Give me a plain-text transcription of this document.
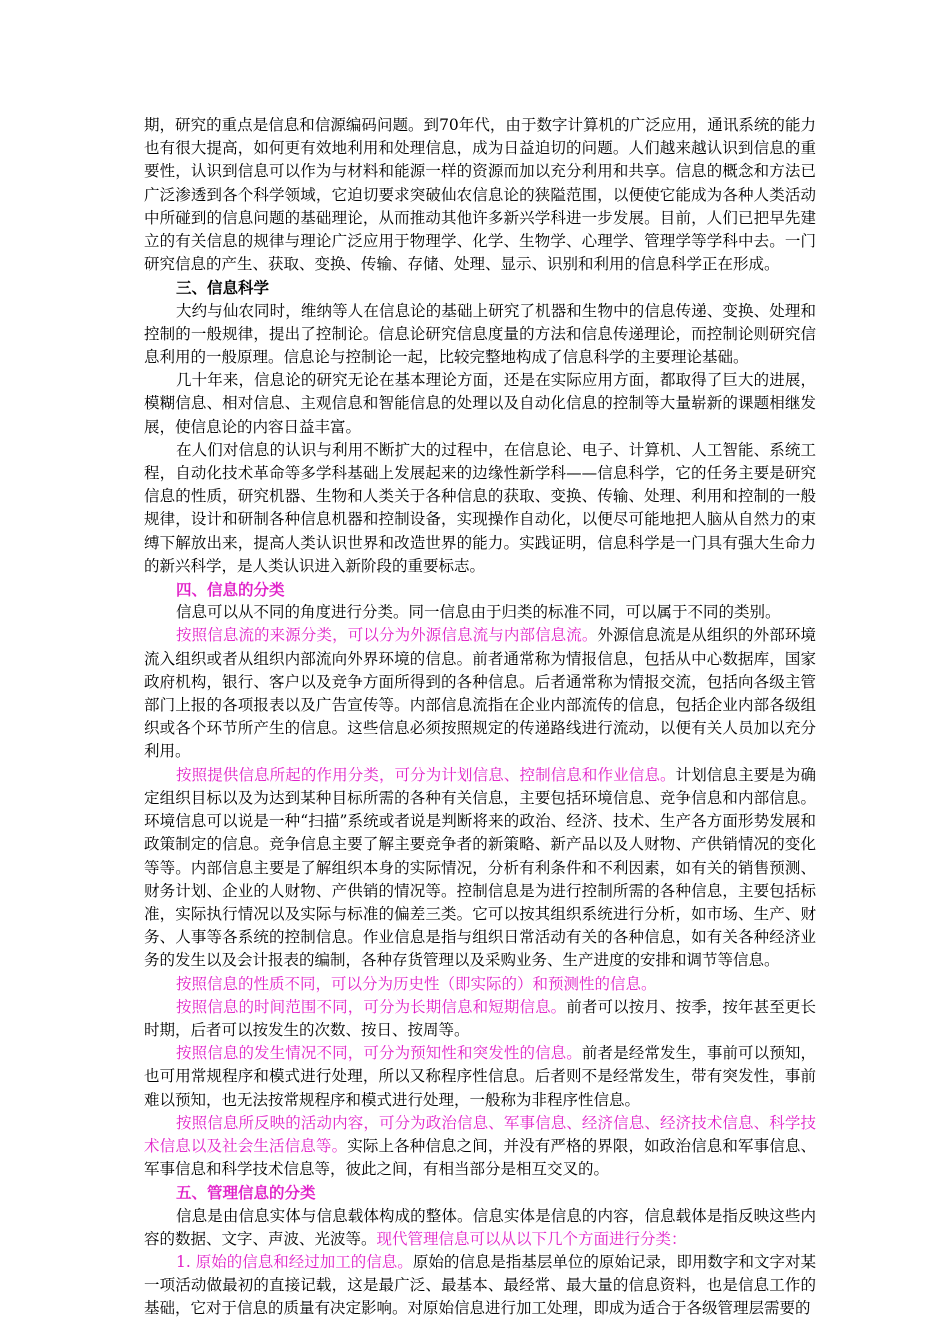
期，研究的重点是信息和信源编码问题。到70年代，由于数字计算机的广泛应用，通讯系统的能力也有很大提高，如何更有效地利用和处理信息，成为日益迫切的问题。人们越来越认识到信息的重要性，认识到信息可以作为与材料和能源一样的资源而加以充分利用和共享。信息的概念和方法已广泛渗透到各个科学领域，它迫切要求突破仙农信息论的狭隘范围，以便使它能成为各种人类活动中所碰到的信息问题的基础理论，从而推动其他许多新兴学科进一步发展。目前，人们已把早先建立的有关信息的规律与理论广泛应用于物理学、化学、生物学、心理学、管理学等学科中去。一门研究信息的产生、获取、变换、传输、存储、处理、显示、识别和利用的信息科学正在形成。

三、信息科学

大约与仙农同时，维纳等人在信息论的基础上研究了机器和生物中的信息传递、变换、处理和控制的一般规律，提出了控制论。信息论研究信息度量的方法和信息传递理论，而控制论则研究信息利用的一般原理。信息论与控制论一起，比较完整地构成了信息科学的主要理论基础。

几十年来，信息论的研究无论在基本理论方面，还是在实际应用方面，都取得了巨大的进展，模糊信息、相对信息、主观信息和智能信息的处理以及自动化信息的控制等大量崭新的课题相继发展，使信息论的内容日益丰富。

在人们对信息的认识与利用不断扩大的过程中，在信息论、电子、计算机、人工智能、系统工程，自动化技术革命等多学科基础上发展起来的边缘性新学科——信息科学，它的任务主要是研究信息的性质，研究机器、生物和人类关于各种信息的获取、变换、传输、处理、利用和控制的一般规律，设计和研制各种信息机器和控制设备，实现操作自动化，以便尽可能地把人脑从自然力的束缚下解放出来，提高人类认识世界和改造世界的能力。实践证明，信息科学是一门具有强大生命力的新兴科学，是人类认识进入新阶段的重要标志。

四、信息的分类

信息可以从不同的角度进行分类。同一信息由于归类的标准不同，可以属于不同的类别。

按照信息流的来源分类，可以分为外源信息流与内部信息流。外源信息流是从组织的外部环境流入组织或者从组织内部流向外界环境的信息。前者通常称为情报信息，包括从中心数据库，国家政府机构，银行、客户以及竞争方面所得到的各种信息。后者通常称为情报交流，包括向各级主管部门上报的各项报表以及广告宣传等。内部信息流指在企业内部流传的信息，包括企业内部各级组织或各个环节所产生的信息。这些信息必须按照规定的传递路线进行流动，以便有关人员加以充分利用。

按照提供信息所起的作用分类，可分为计划信息、控制信息和作业信息。计划信息主要是为确定组织目标以及为达到某种目标所需的各种有关信息，主要包括环境信息、竞争信息和内部信息。环境信息可以说是一种“扫描”系统或者说是判断将来的政治、经济、技术、生产各方面形势发展和政策制定的信息。竞争信息主要了解主要竞争者的新策略、新产品以及人财物、产供销情况的变化等等。内部信息主要是了解组织本身的实际情况，分析有利条件和不利因素，如有关的销售预测、财务计划、企业的人财物、产供销的情况等。控制信息是为进行控制所需的各种信息，主要包括标准，实际执行情况以及实际与标准的偏差三类。它可以按其组织系统进行分析，如市场、生产、财务、人事等各系统的控制信息。作业信息是指与组织日常活动有关的各种信息，如有关各种经济业务的发生以及会计报表的编制，各种存货管理以及采购业务、生产进度的安排和调节等信息。

按照信息的性质不同，可以分为历史性（即实际的）和预测性的信息。

按照信息的时间范围不同，可分为长期信息和短期信息。前者可以按月、按季，按年甚至更长时期，后者可以按发生的次数、按日、按周等。

按照信息的发生情况不同，可分为预知性和突发性的信息。前者是经常发生，事前可以预知，也可用常规程序和模式进行处理，所以又称程序性信息。后者则不是经常发生，带有突发性，事前难以预知，也无法按常规程序和模式进行处理，一般称为非程序性信息。

按照信息所反映的活动内容，可分为政治信息、军事信息、经济信息、经济技术信息、科学技术信息以及社会生活信息等。实际上各种信息之间，并没有严格的界限，如政治信息和军事信息、军事信息和科学技术信息等，彼此之间，有相当部分是相互交叉的。

五、管理信息的分类

信息是由信息实体与信息载体构成的整体。信息实体是信息的内容，信息载体是指反映这些内容的数据、文字、声波、光波等。现代管理信息可以从以下几个方面进行分类：

1. 原始的信息和经过加工的信息。原始的信息是指基层单位的原始记录，即用数字和文字对某一项活动做最初的直接记载，这是最广泛、最基本、最经常、最大量的信息资料，也是信息工作的基础，它对于信息的质量有决定影响。对原始信息进行加工处理，即成为适合于各级管理层需要的
